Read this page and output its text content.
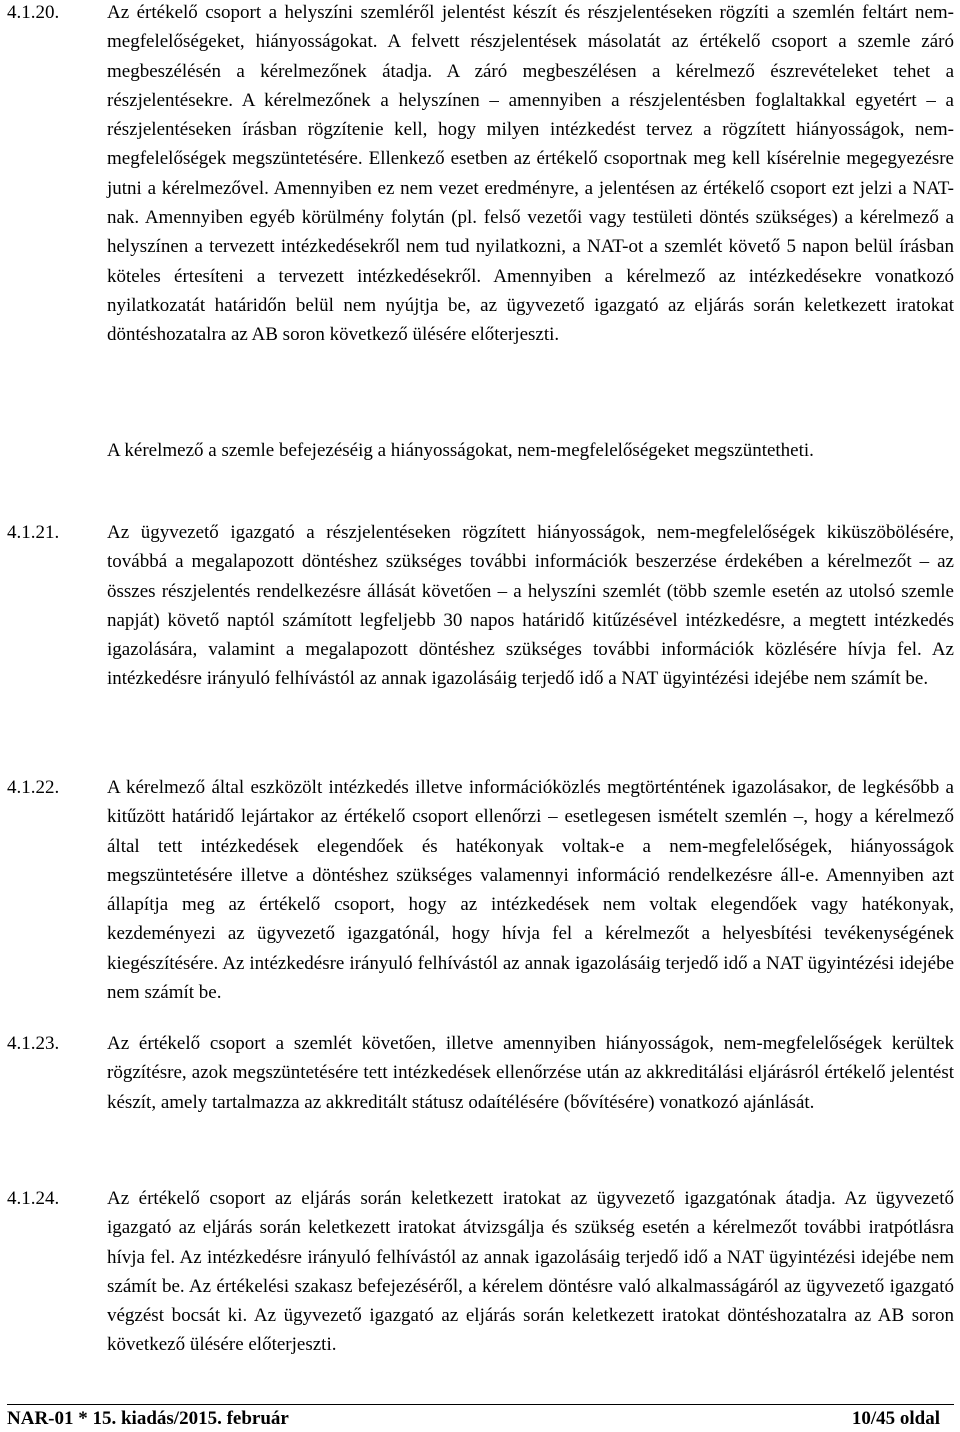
4.1.20.	Az értékelő csoport a helyszíni szemléről jelentést készít és részjelentéseken rögzíti a szemlén feltárt nem-megfelelőségeket, hiányosságokat. A felvett részjelentések másolatát az értékelő csoport a szemle záró megbeszélésén a kérelmezőnek átadja. A záró megbeszélésen a kérelmező észrevételeket tehet a részjelentésekre. A kérelmezőnek a helyszínen – amennyiben a részjelentésben foglaltakkal egyetért – a részjelentéseken írásban rögzítenie kell, hogy milyen intézkedést tervez a rögzített hiányosságok, nem-megfelelőségek megszüntetésére. Ellenkező esetben az értékelő csoportnak meg kell kísérelnie megegyezésre jutni a kérelmezővel. Amennyiben ez nem vezet eredményre, a jelentésen az értékelő csoport ezt jelzi a NAT-nak. Amennyiben egyéb körülmény folytán (pl. felső vezetői vagy testületi döntés szükséges) a kérelmező a helyszínen a tervezett intézkedésekről nem tud nyilatkozni, a NAT-ot a szemlét követő 5 napon belül írásban köteles értesíteni a tervezett intézkedésekről. Amennyiben a kérelmező az intézkedésekre vonatkozó nyilatkozatát határidőn belül nem nyújtja be, az ügyvezető igazgató az eljárás során keletkezett iratokat döntéshozatalra az AB soron következő ülésére előterjeszti.

A kérelmező a szemle befejezéséig a hiányosságokat, nem-megfelelőségeket megszüntetheti.

4.1.21.	Az ügyvezető igazgató a részjelentéseken rögzített hiányosságok, nem-megfelelőségek kiküszöbölésére, továbbá a megalapozott döntéshez szükséges további információk beszerzése érdekében a kérelmezőt – az összes részjelentés rendelkezésre állását követően – a helyszíni szemlét (több szemle esetén az utolsó szemle napját) követő naptól számított legfeljebb 30 napos határidő kitűzésével intézkedésre, a megtett intézkedés igazolására, valamint a megalapozott döntéshez szükséges további információk közlésére hívja fel. Az intézkedésre irányuló felhívástól az annak igazolásáig terjedő idő a NAT ügyintézési idejébe nem számít be.

4.1.22.	A kérelmező által eszközölt intézkedés illetve információközlés megtörténtének igazolásakor, de legkésőbb a kitűzött határidő lejártakor az értékelő csoport ellenőrzi – esetlegesen ismételt szemlén –, hogy a kérelmező által tett intézkedések elegendőek és hatékonyak voltak-e a nem-megfelelőségek, hiányosságok megszüntetésére illetve a döntéshez szükséges valamennyi információ rendelkezésre áll-e. Amennyiben azt állapítja meg az értékelő csoport, hogy az intézkedések nem voltak elegendőek vagy hatékonyak, kezdeményezi az ügyvezető igazgatónál, hogy hívja fel a kérelmezőt a helyesbítési tevékenységének kiegészítésére. Az intézkedésre irányuló felhívástól az annak igazolásáig terjedő idő a NAT ügyintézési idejébe nem számít be.

4.1.23.	Az értékelő csoport a szemlét követően, illetve amennyiben hiányosságok, nem-megfelelőségek kerültek rögzítésre, azok megszüntetésére tett intézkedések ellenőrzése után az akkreditálási eljárásról értékelő jelentést készít, amely tartalmazza az akkreditált státusz odaítélésére (bővítésére) vonatkozó ajánlását.

4.1.24.	Az értékelő csoport az eljárás során keletkezett iratokat az ügyvezető igazgatónak átadja. Az ügyvezető igazgató az eljárás során keletkezett iratokat átvizsgálja és szükség esetén a kérelmezőt további iratpótlásra hívja fel. Az intézkedésre irányuló felhívástól az annak igazolásáig terjedő idő a NAT ügyintézési idejébe nem számít be. Az értékelési szakasz befejezéséről, a kérelem döntésre való alkalmasságáról az ügyvezető igazgató végzést bocsát ki. Az ügyvezető igazgató az eljárás során keletkezett iratokat döntéshozatalra az AB soron következő ülésére előterjeszti.

NAR-01 * 15. kiadás/2015. február	10/45 oldal
